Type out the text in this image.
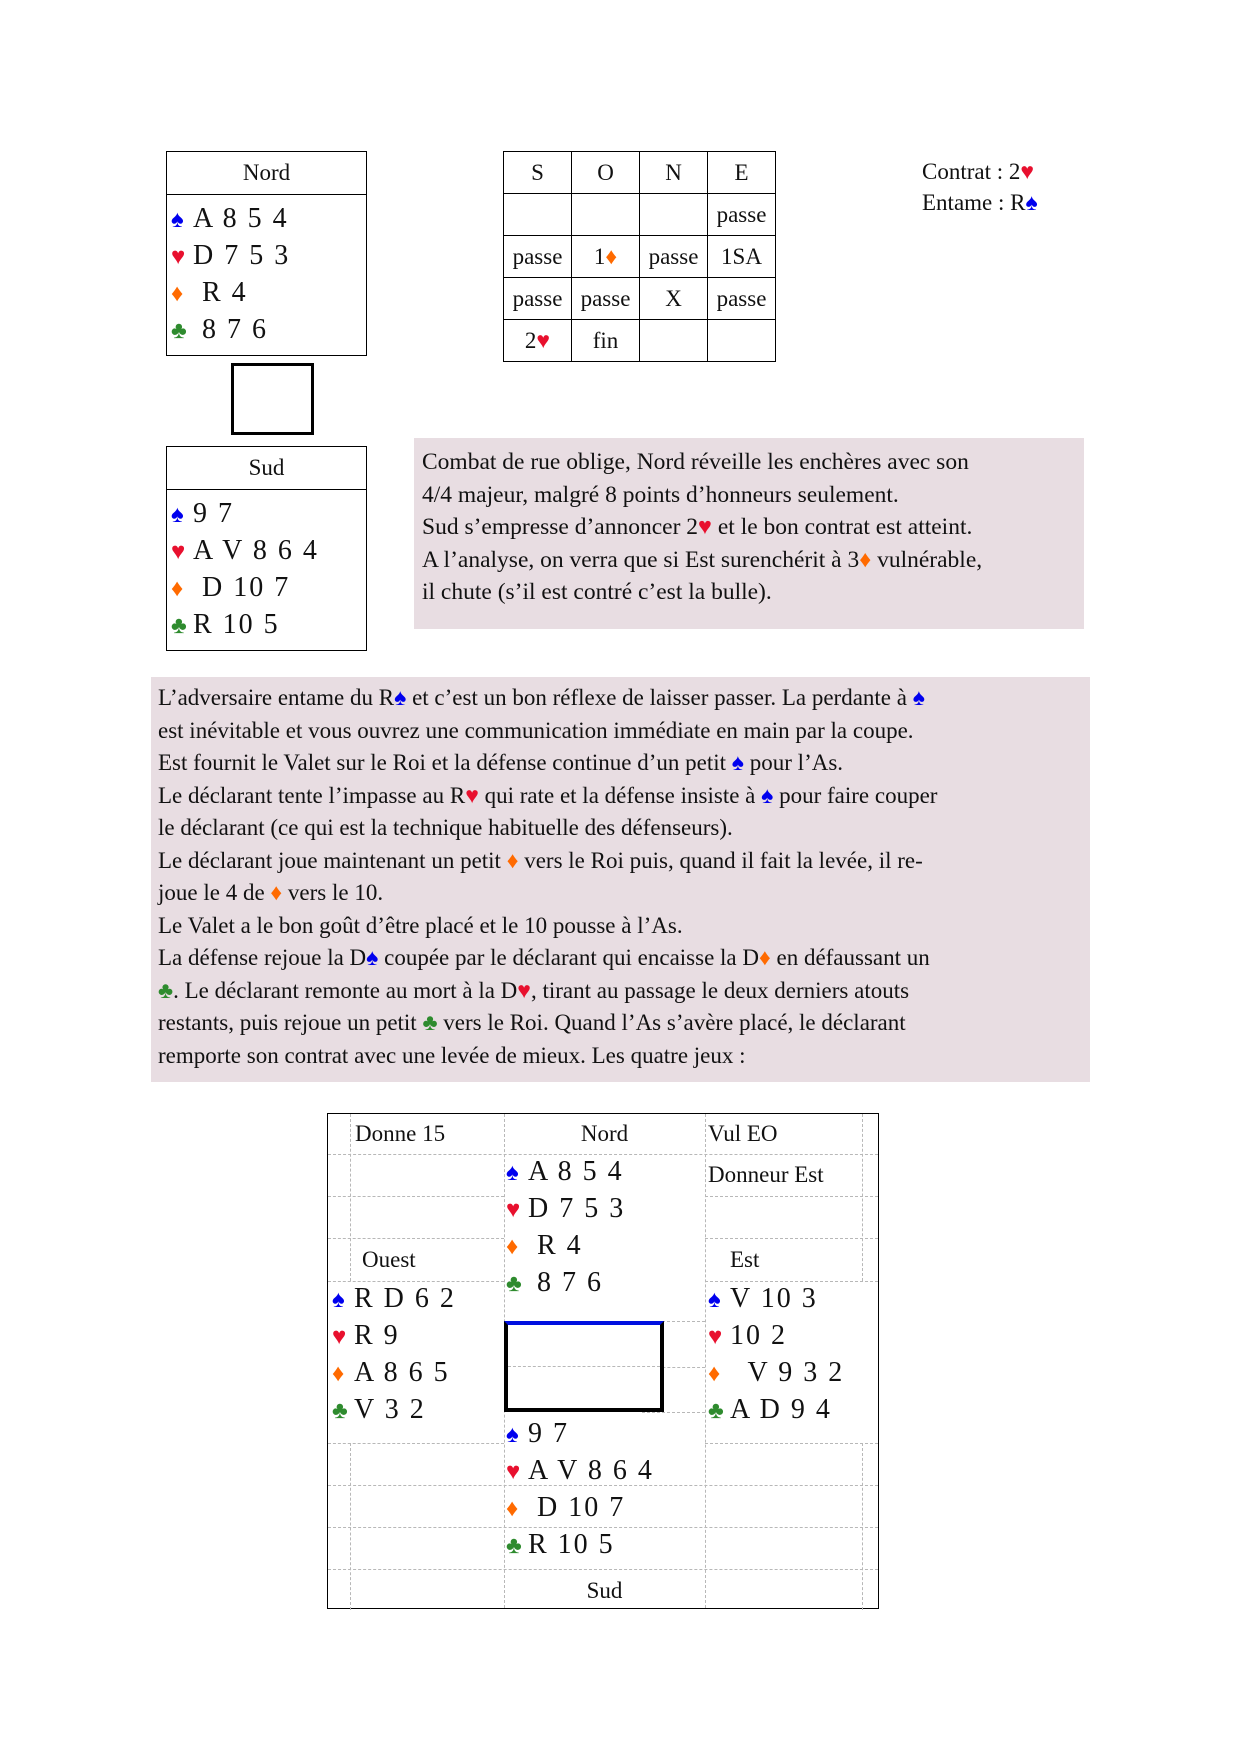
Nord
♠ A 8 5 4
♥ D 7 5 3
♦ R 4
♣ 8 7 6
Sud
♠ 9 7
♥ A V 8 6 4
♦ D 10 7
♣ R 10 5
S	O	N	E
			passe
passe	1♦	passe	1SA
passe	passe	X	passe
2♥	fin		
Contrat : 2♥
Entame : R♠
Combat de rue oblige, Nord réveille les enchères avec son
4/4 majeur, malgré 8 points d’honneurs seulement.
Sud s’empresse d’annoncer 2♥ et le bon contrat est atteint.
A l’analyse, on verra que si Est surenchérit à 3♦ vulnérable,
il chute (s’il est contré c’est la bulle).
L’adversaire entame du R♠ et c’est un bon réflexe de laisser passer. La perdante à ♠
est inévitable et vous ouvrez une communication immédiate en main par la coupe.
Est fournit le Valet sur le Roi et la défense continue d’un petit ♠ pour l’As.
Le déclarant tente l’impasse au R♥ qui rate et la défense insiste à ♠ pour faire couper
le déclarant (ce qui est la technique habituelle des défenseurs).
Le déclarant joue maintenant un petit ♦ vers le Roi puis, quand il fait la levée, il re-
joue le 4 de ♦ vers le 10.
Le Valet a le bon goût d’être placé et le 10 pousse à l’As.
La défense rejoue la D♠ coupée par le déclarant qui encaisse la D♦ en défaussant un
♣. Le déclarant remonte au mort à la D♥, tirant au passage le deux derniers atouts
restants, puis rejoue un petit ♣ vers le Roi. Quand l’As s’avère placé, le déclarant
remporte son contrat avec une levée de mieux. Les quatre jeux :
Donne 15	Nord	Vul EO
Donneur Est
Ouest	Est
Sud
♠ A 8 5 4
♥ D 7 5 3
♦ R 4
♣ 8 7 6
♠ R D 6 2
♥ R 9
♦ A 8 6 5
♣ V 3 2
♠ V 10 3
♥ 10 2
♦  V 9 3 2
♣ A D 9 4
♠ 9 7
♥ A V 8 6 4
♦ D 10 7
♣ R 10 5
